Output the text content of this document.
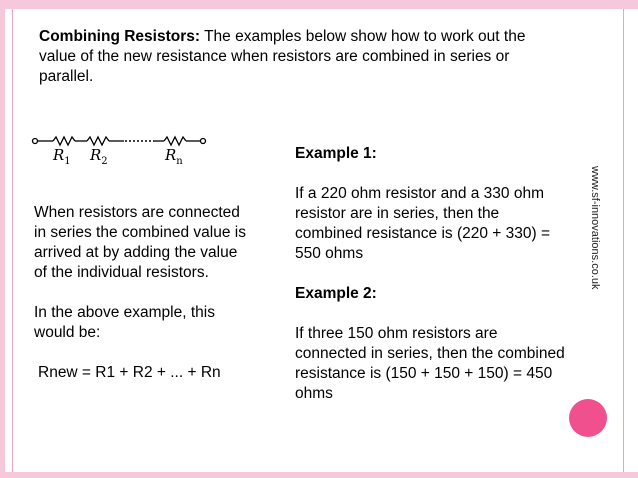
Combining Resistors: The examples below show how to work out the value of the new resistance when resistors are combined in series or parallel.
$R_1$ $R_2$	$R_n$
When resistors are connected in series the combined value is arrived at by adding the value of the individual resistors.
In the above example, this would be:
Rnew = R1 + R2 + ... + Rn
Example 1:
If a 220 ohm resistor and a 330 ohm resistor are in series, then the combined resistance is (220 + 330) = 550 ohms
Example 2:
If three 150 ohm resistors are connected in series, then the combined resistance is (150 + 150 + 150) = 450 ohms
www.sf-innovations.co.uk
